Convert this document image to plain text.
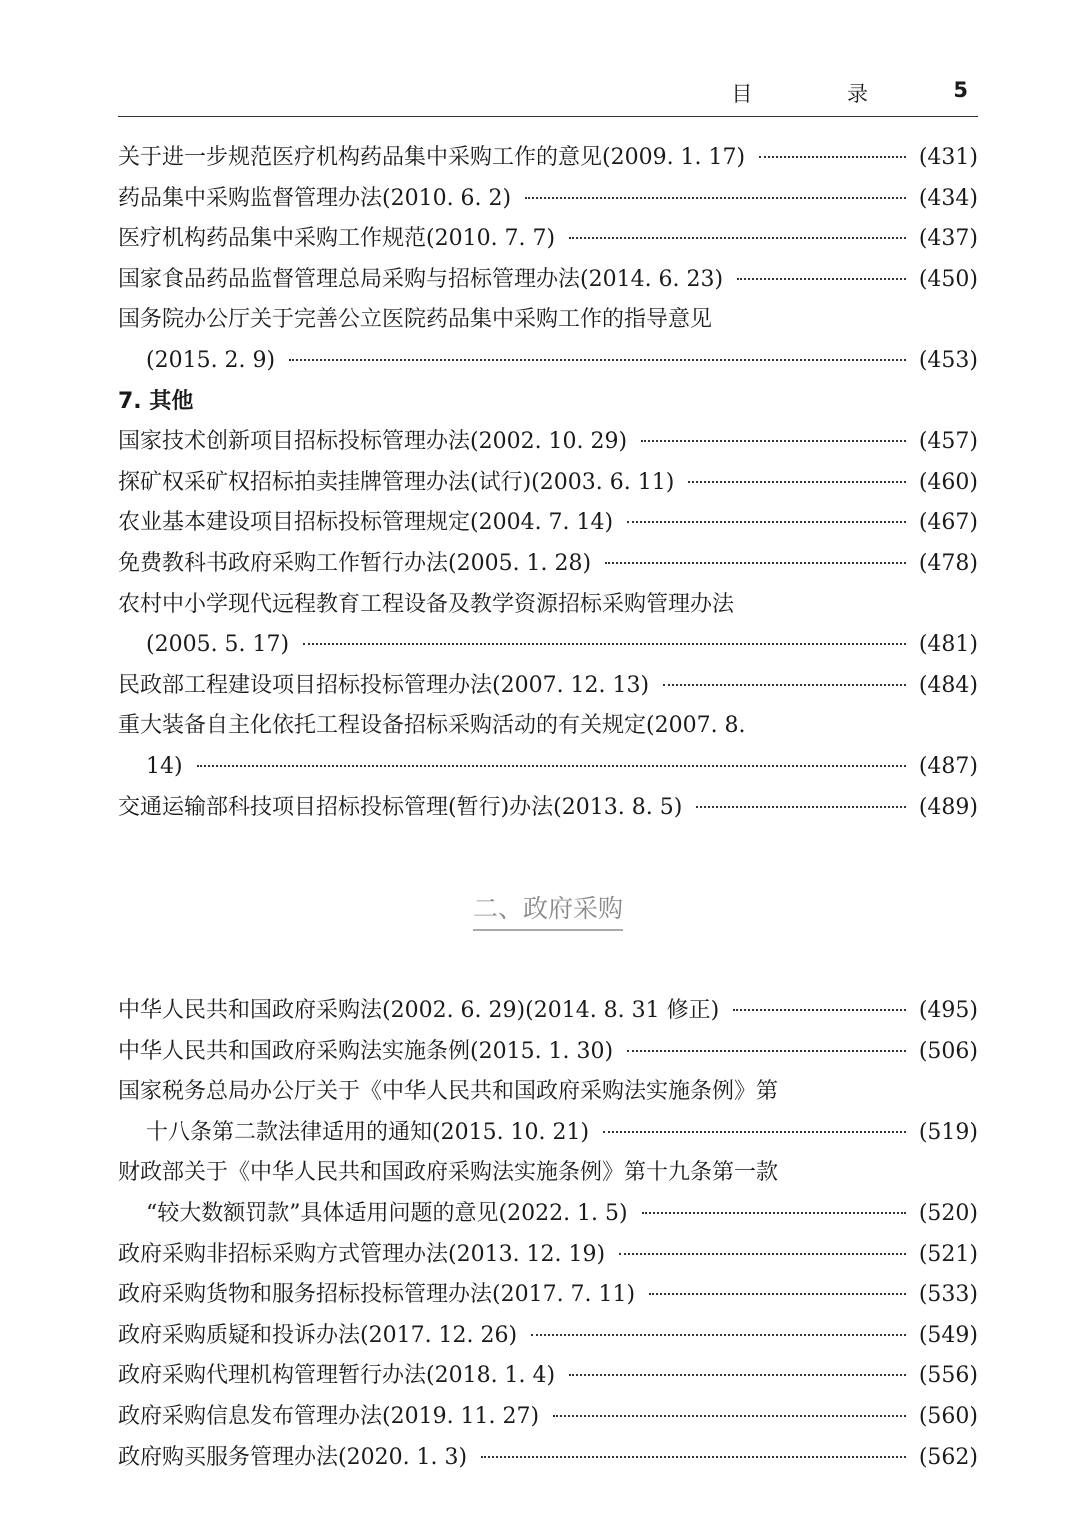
目 录 5
关于进一步规范医疗机构药品集中采购工作的意见(2009. 1. 17)	( 431 )
药品集中采购监督管理办法(2010. 6. 2)	( 434 )
医疗机构药品集中采购工作规范(2010. 7. 7)	( 437 )
国家食品药品监督管理总局采购与招标管理办法(2014. 6. 23)	( 450 )
国务院办公厅关于完善公立医院药品集中采购工作的指导意见
(2015. 2. 9)	( 453 )
7. 其他
国家技术创新项目招标投标管理办法(2002. 10. 29)	( 457 )
探矿权采矿权招标拍卖挂牌管理办法(试行)(2003. 6. 11)	( 460 )
农业基本建设项目招标投标管理规定(2004. 7. 14)	( 467 )
免费教科书政府采购工作暂行办法(2005. 1. 28)	( 478 )
农村中小学现代远程教育工程设备及教学资源招标采购管理办法
(2005. 5. 17)	( 481 )
民政部工程建设项目招标投标管理办法(2007. 12. 13)	( 484 )
重大装备自主化依托工程设备招标采购活动的有关规定(2007. 8.
14)	( 487 )
交通运输部科技项目招标投标管理(暂行)办法(2013. 8. 5)	( 489 )
二、政府采购
中华人民共和国政府采购法(2002. 6. 29)(2014. 8. 31 修正)	( 495 )
中华人民共和国政府采购法实施条例(2015. 1. 30)	( 506 )
国家税务总局办公厅关于《中华人民共和国政府采购法实施条例》第
十八条第二款法律适用的通知(2015. 10. 21)	( 519 )
财政部关于《中华人民共和国政府采购法实施条例》第十九条第一款
“较大数额罚款”具体适用问题的意见(2022. 1. 5)	( 520 )
政府采购非招标采购方式管理办法(2013. 12. 19)	( 521 )
政府采购货物和服务招标投标管理办法(2017. 7. 11)	( 533 )
政府采购质疑和投诉办法(2017. 12. 26)	( 549 )
政府采购代理机构管理暂行办法(2018. 1. 4)	( 556 )
政府采购信息发布管理办法(2019. 11. 27)	( 560 )
政府购买服务管理办法(2020. 1. 3)	( 562 )
